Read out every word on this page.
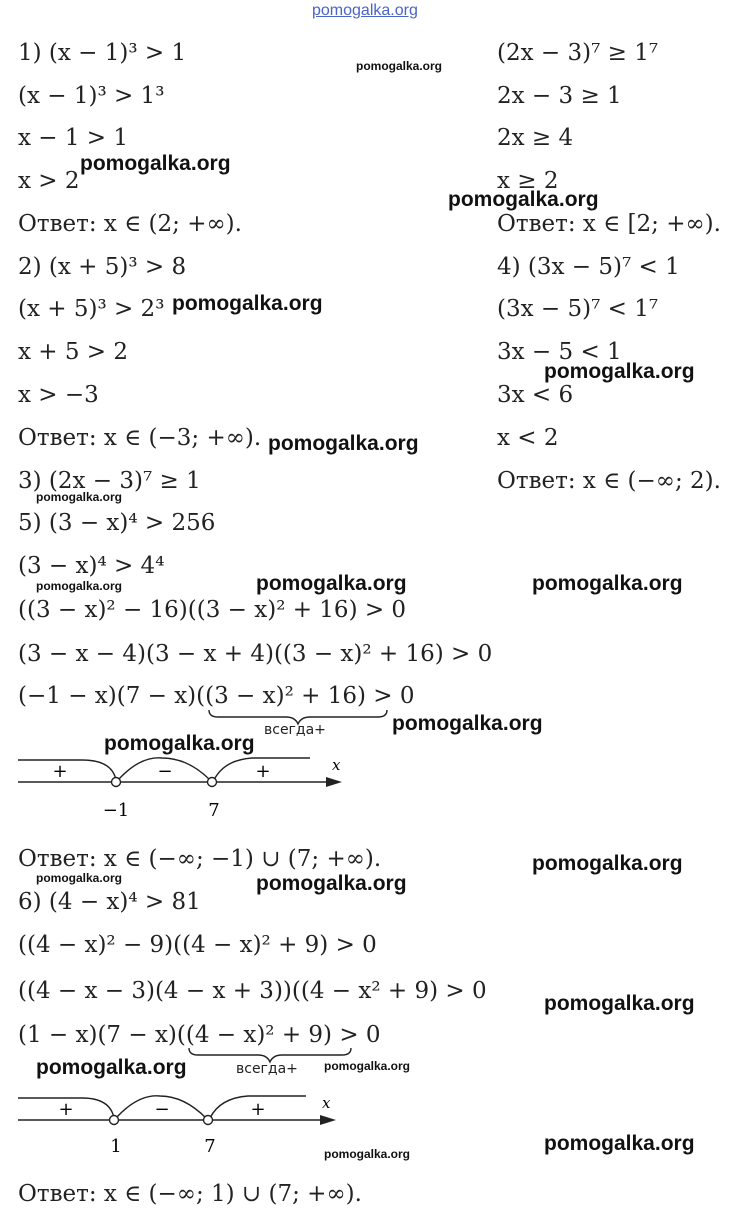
pomogalka.org
1) (x − 1)³ > 1
(x − 1)³ > 1³
x − 1 > 1
x > 2
Ответ: x ∈ (2; +∞).
2) (x + 5)³ > 8
(x + 5)³ > 2³
x + 5 > 2
x > −3
Ответ: x ∈ (−3; +∞).
3) (2x − 3)⁷ ≥ 1
5) (3 − x)⁴ > 256
(3 − x)⁴ > 4⁴
((3 − x)² − 16)((3 − x)² + 16) > 0
(3 − x − 4)(3 − x + 4)((3 − x)² + 16) > 0
(−1 − x)(7 − x)((3 − x)² + 16) > 0
всегда+
+	−	+	x
−1	7
Ответ: x ∈ (−∞; −1) ∪ (7; +∞).
6) (4 − x)⁴ > 81
((4 − x)² − 9)((4 − x)² + 9) > 0
((4 − x − 3)(4 − x + 3))((4 − x² + 9) > 0
(1 − x)(7 − x)((4 − x)² + 9) > 0
всегда+
+	−	+	x
1	7
Ответ: x ∈ (−∞; 1) ∪ (7; +∞).
(2x − 3)⁷ ≥ 1⁷
2x − 3 ≥ 1
2x ≥ 4
x ≥ 2
Ответ: x ∈ [2; +∞).
4) (3x − 5)⁷ < 1
(3x − 5)⁷ < 1⁷
3x − 5 < 1
3x < 6
x < 2
Ответ: x ∈ (−∞; 2).
pomogalka.org
pomogalka.org
pomogalka.org
pomogalka.org
pomogalka.org
pomogalka.org
pomogalka.org
pomogalka.org	pomogalka.org	pomogalka.org
pomogalka.org
pomogalka.org
pomogalka.org
pomogalka.org	pomogalka.org
pomogalka.org
pomogalka.org	pomogalka.org
pomogalka.org
pomogalka.org
